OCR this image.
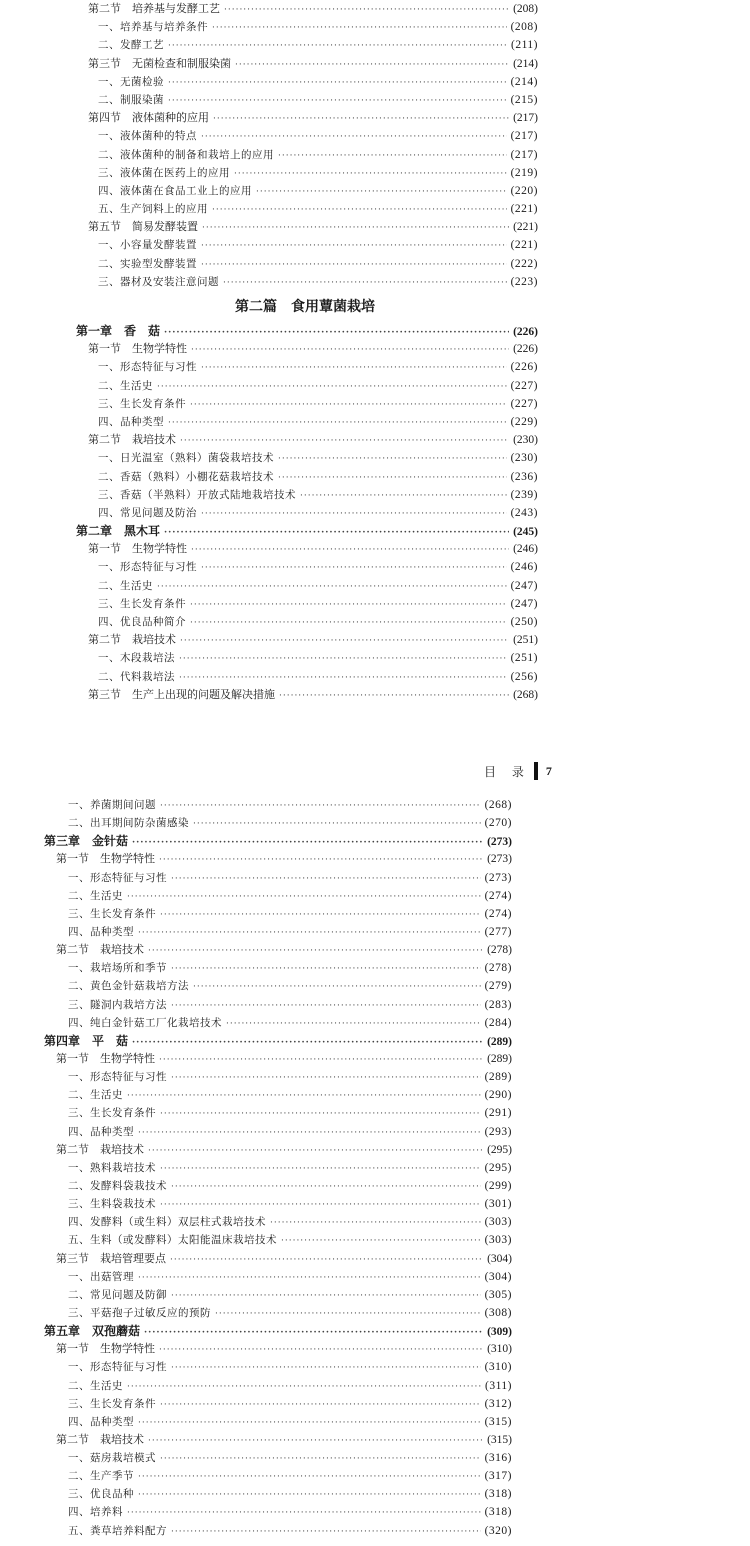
第二节　培养基与发酵工艺 ·····	(208)
一、培养基与培养条件 ·····	(208)
二、发酵工艺 ·····	(211)
第三节　无菌检查和制服染菌 ·····	(214)
一、无菌检验 ·····	(214)
二、制服染菌 ·····	(215)
第四节　液体菌种的应用 ·····	(217)
一、液体菌种的特点 ·····	(217)
二、液体菌种的制备和栽培上的应用 ·····	(217)
三、液体菌在医药上的应用 ·····	(219)
四、液体菌在食品工业上的应用 ·····	(220)
五、生产饲料上的应用 ·····	(221)
第五节　简易发酵装置 ·····	(221)
一、小容量发酵装置 ·····	(221)
二、实验型发酵装置 ·····	(222)
三、器材及安装注意问题 ·····	(223)
第二篇　食用蕈菌栽培
第一章　香　菇 ·····	(226)
第一节　生物学特性 ·····	(226)
一、形态特征与习性 ·····	(226)
二、生活史 ·····	(227)
三、生长发育条件 ·····	(227)
四、品种类型 ·····	(229)
第二节　栽培技术 ·····	(230)
一、日光温室（熟料）菌袋栽培技术 ·····	(230)
二、香菇（熟料）小棚花菇栽培技术 ·····	(236)
三、香菇（半熟料）开放式陆地栽培技术 ·····	(239)
四、常见问题及防治 ·····	(243)
第二章　黑木耳 ·····	(245)
第一节　生物学特性 ·····	(246)
一、形态特征与习性 ·····	(246)
二、生活史 ·····	(247)
三、生长发育条件 ·····	(247)
四、优良品种简介 ·····	(250)
第二节　栽培技术 ·····	(251)
一、木段栽培法 ·····	(251)
二、代料栽培法 ·····	(256)
第三节　生产上出现的问题及解决措施 ·····	(268)
目 录 7
一、养菌期间问题 ·····	(268)
二、出耳期间防杂菌感染 ·····	(270)
第三章　金针菇 ·····	(273)
第一节　生物学特性 ·····	(273)
一、形态特征与习性 ·····	(273)
二、生活史 ·····	(274)
三、生长发育条件 ·····	(274)
四、品种类型 ·····	(277)
第二节　栽培技术 ·····	(278)
一、栽培场所和季节 ·····	(278)
二、黄色金针菇栽培方法 ·····	(279)
三、隧洞内栽培方法 ·····	(283)
四、纯白金针菇工厂化栽培技术 ·····	(284)
第四章　平　菇 ·····	(289)
第一节　生物学特性 ·····	(289)
一、形态特征与习性 ·····	(289)
二、生活史 ·····	(290)
三、生长发育条件 ·····	(291)
四、品种类型 ·····	(293)
第二节　栽培技术 ·····	(295)
一、熟料栽培技术 ·····	(295)
二、发酵料袋栽技术 ·····	(299)
三、生料袋栽技术 ·····	(301)
四、发酵料（或生料）双层柱式栽培技术 ·····	(303)
五、生料（或发酵料）太阳能温床栽培技术 ·····	(303)
第三节　栽培管理要点 ·····	(304)
一、出菇管理 ·····	(304)
二、常见问题及防御 ·····	(305)
三、平菇孢子过敏反应的预防 ·····	(308)
第五章　双孢蘑菇 ·····	(309)
第一节　生物学特性 ·····	(310)
一、形态特征与习性 ·····	(310)
二、生活史 ·····	(311)
三、生长发育条件 ·····	(312)
四、品种类型 ·····	(315)
第二节　栽培技术 ·····	(315)
一、菇房栽培模式 ·····	(316)
二、生产季节 ·····	(317)
三、优良品种 ·····	(318)
四、培养料 ·····	(318)
五、粪草培养料配方 ·····	(320)
